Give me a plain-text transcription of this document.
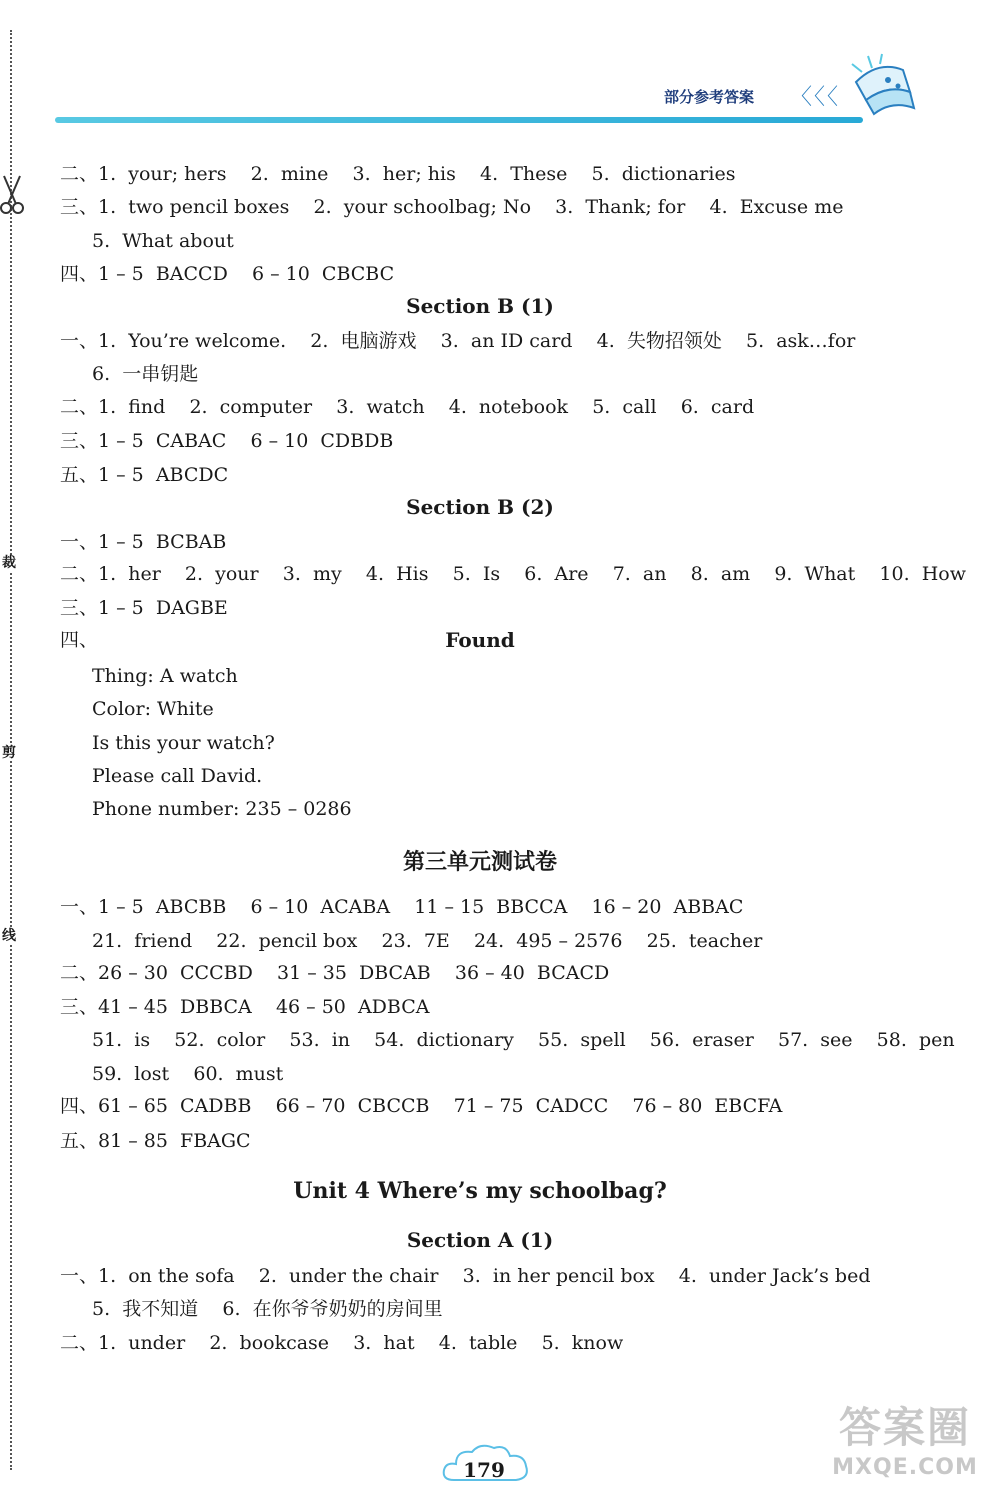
裁
剪
线
部分参考答案 〈〈〈
二、1.  your; hers    2.  mine    3.  her; his    4.  These    5.  dictionaries
三、1.  two pencil boxes    2.  your schoolbag; No    3.  Thank; for    4.  Excuse me
5.  What about
四、1 – 5  BACCD    6 – 10  CBCBC
Section B (1)
一、1.  You’re welcome.    2.  电脑游戏    3.  an ID card    4.  失物招领处    5.  ask…for
6.  一串钥匙
二、1.  find    2.  computer    3.  watch    4.  notebook    5.  call    6.  card
三、1 – 5  CABAC    6 – 10  CDBDB
五、1 – 5  ABCDC
Section B (2)
一、1 – 5  BCBAB
二、1.  her    2.  your    3.  my    4.  His    5.  Is    6.  Are    7.  an    8.  am    9.  What    10.  How
三、1 – 5  DAGBE
四、	Found
Thing: A watch
Color: White
Is this your watch?
Please call David.
Phone number: 235 – 0286
第三单元测试卷
一、1 – 5  ABCBB    6 – 10  ACABA    11 – 15  BBCCA    16 – 20  ABBAC
21.  friend    22.  pencil box    23.  7E    24.  495 – 2576    25.  teacher
二、26 – 30  CCCBD    31 – 35  DBCAB    36 – 40  BCACD
三、41 – 45  DBBCA    46 – 50  ADBCA
51.  is    52.  color    53.  in    54.  dictionary    55.  spell    56.  eraser    57.  see    58.  pen
59.  lost    60.  must
四、61 – 65  CADBB    66 – 70  CBCCB    71 – 75  CADCC    76 – 80  EBCFA
五、81 – 85  FBAGC
Unit 4 Where’s my schoolbag?
Section A (1)
一、1.  on the sofa    2.  under the chair    3.  in her pencil box    4.  under Jack’s bed
5.  我不知道    6.  在你爷爷奶奶的房间里
二、1.  under    2.  bookcase    3.  hat    4.  table    5.  know
179
答案圈
MXQE.COM
